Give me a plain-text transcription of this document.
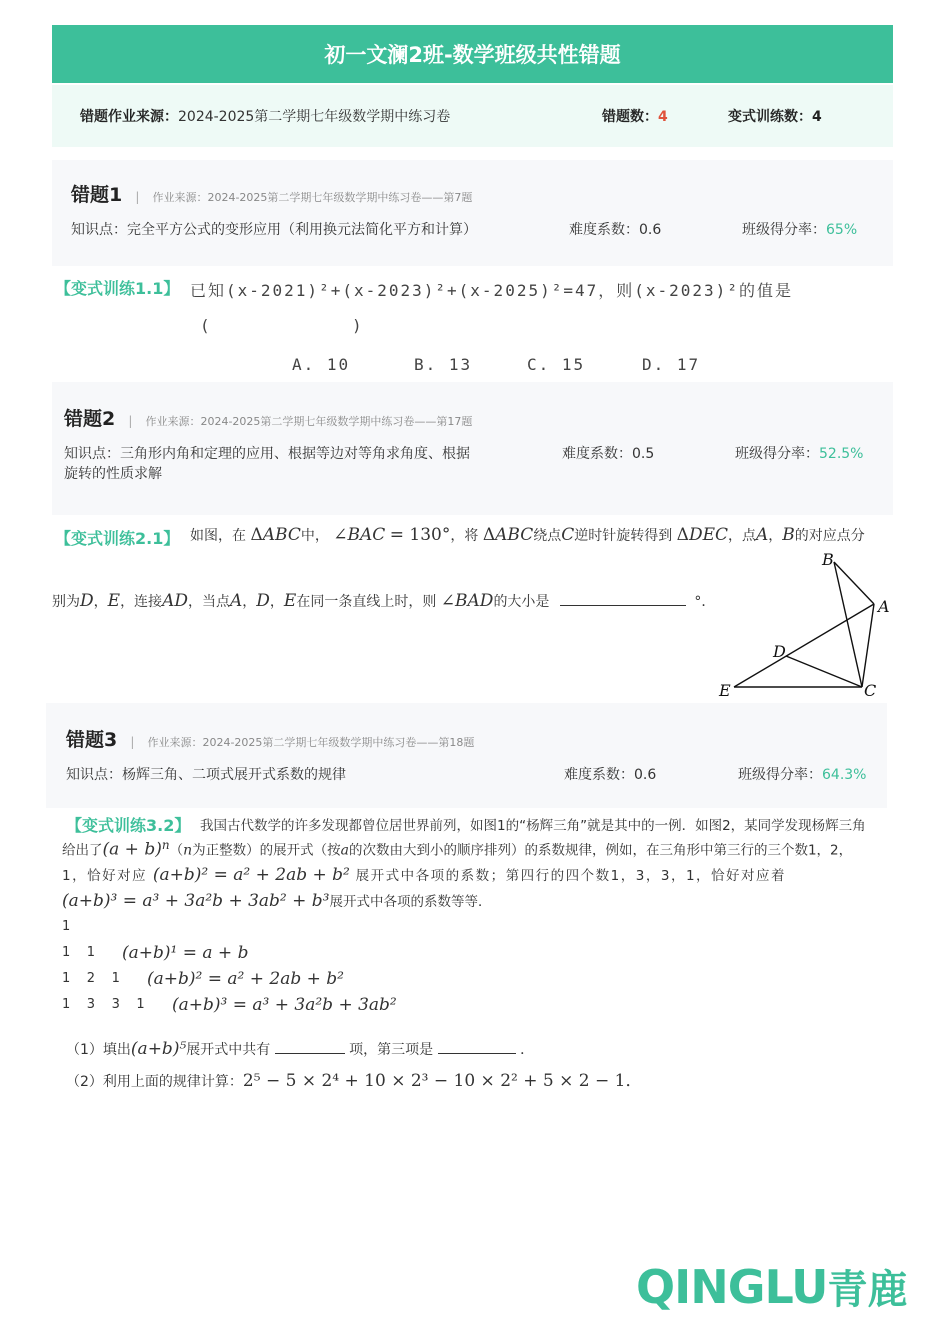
初一文澜2班-数学班级共性错题
错题作业来源：2024-2025第二学期七年级数学期中练习卷	错题数：4	变式训练数：4
错题1 | 作业来源：2024-2025第二学期七年级数学期中练习卷——第7题
知识点：完全平方公式的变形应用（利用换元法简化平方和计算）	难度系数：0.6	班级得分率：65%
【变式训练1.1】 已知(x-2021)²+(x-2023)²+(x-2025)²=47，则(x-2023)²的值是
(	)
A. 10	B. 13	C. 15	D. 17
错题2 | 作业来源：2024-2025第二学期七年级数学期中练习卷——第17题
知识点：三角形内角和定理的应用、根据等边对等角求角度、根据
旋转的性质求解
难度系数：0.5	班级得分率：52.5%
【变式训练2.1】 如图，在 ΔABC中， ∠BAC = 130°，将 ΔABC绕点C逆时针旋转得到 ΔDEC，点A，B的对应点分
别为D，E，连接AD，当点A，D，E在同一条直线上时，则 ∠BAD的大小是	°．
B
A
D
E	C
错题3 | 作业来源：2024-2025第二学期七年级数学期中练习卷——第18题
知识点：杨辉三角、二项式展开式系数的规律	难度系数：0.6	班级得分率：64.3%
【变式训练3.2】 我国古代数学的许多发现都曾位居世界前列，如图1的“杨辉三角”就是其中的一例．如图2，某同学发现杨辉三角
给出了$(a + b)^n(n$为正整数）的展开式（按a的次数由大到小的顺序排列）的系数规律，例如，在三角形中第三行的三个数1，2，
1，恰好对应 (a+b)² = a² + 2ab + b² 展开式中各项的系数；第四行的四个数1，3，3，1，恰好对应着
(a+b)³ = a³ + 3a²b + 3ab² + b³展开式中各项的系数等等．
1
1    1 (a+b)¹ = a + b
1    2    1 (a+b)² = a² + 2ab + b²
1    3    3    1 (a+b)³ = a³ + 3a²b + 3ab²
（1）填出(a+b)⁵展开式中共有	项，第三项是	．
（2）利用上面的规律计算：2⁵ − 5 × 2⁴ + 10 × 2³ − 10 × 2² + 5 × 2 − 1．
QINGLU青鹿
